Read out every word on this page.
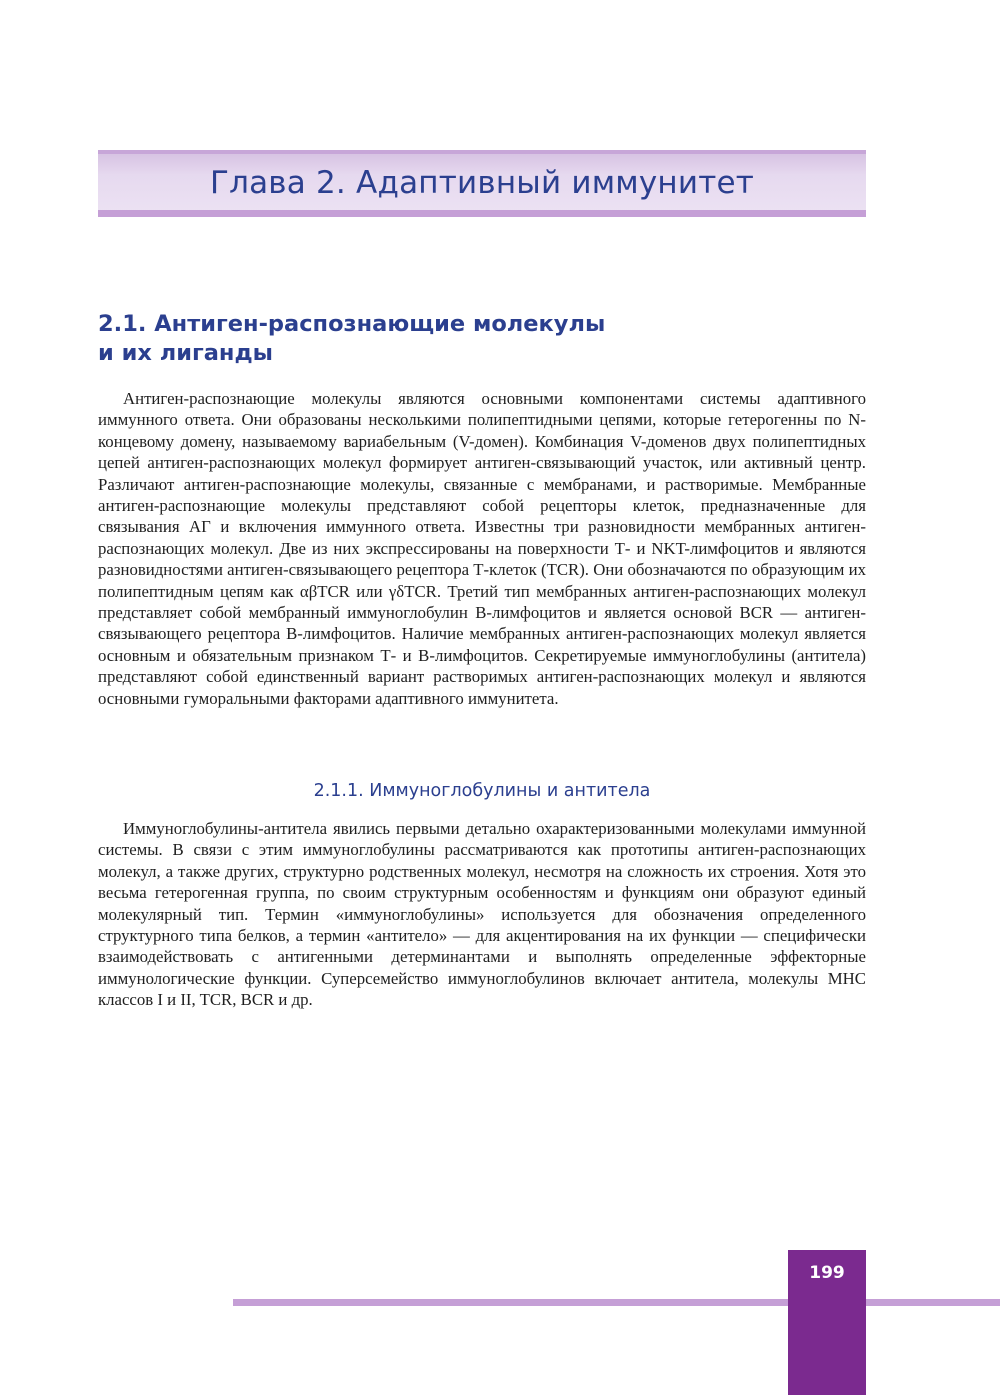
Глава 2. Адаптивный иммунитет
2.1. Антиген-распознающие молекулы
и их лиганды

Антиген-распознающие молекулы являются основными компонентами системы адаптивного иммунного ответа. Они образованы несколькими полипептидными цепями, которые гетерогенны по N-концевому домену, называемому вариабельным (V-домен). Комбинация V-доменов двух полипептидных цепей антиген-распознающих молекул формирует антиген-связывающий участок, или активный центр. Различают антиген-распознающие молекулы, связанные с мембранами, и растворимые. Мембранные антиген-распознающие молекулы представляют собой рецепторы клеток, предназначенные для связывания АГ и включения иммунного ответа. Известны три разновидности мембранных антиген-распознающих молекул. Две из них экспрессированы на поверхности Т- и NKT-лимфоцитов и являются разновидностями антиген-связывающего рецептора Т-клеток (TCR). Они обозначаются по образующим их полипептидным цепям как αβTCR или γδTCR. Третий тип мембранных антиген-распознающих молекул представляет собой мембранный иммуноглобулин В-лимфоцитов и является основой BCR — антиген-связывающего рецептора В-лимфоцитов. Наличие мембранных антиген-распознающих молекул является основным и обязательным признаком Т- и В-лимфоцитов. Секретируемые иммуноглобулины (антитела) представляют собой единственный вариант растворимых антиген-распознающих молекул и являются основными гуморальными факторами адаптивного иммунитета.

2.1.1. Иммуноглобулины и антитела

Иммуноглобулины-антитела явились первыми детально охарактеризованными молекулами иммунной системы. В связи с этим иммуноглобулины рассматриваются как прототипы антиген-распознающих молекул, а также других, структурно родственных молекул, несмотря на сложность их строения. Хотя это весьма гетерогенная группа, по своим структурным особенностям и функциям они образуют единый молекулярный тип. Термин «иммуноглобулины» используется для обозначения определенного структурного типа белков, а термин «антитело» — для акцентирования на их функции — специфически взаимодействовать с антигенными детерминантами и выполнять определенные эффекторные иммунологические функции. Суперсемейство иммуноглобулинов включает антитела, молекулы МНС классов I и II, TCR, BCR и др.

199
